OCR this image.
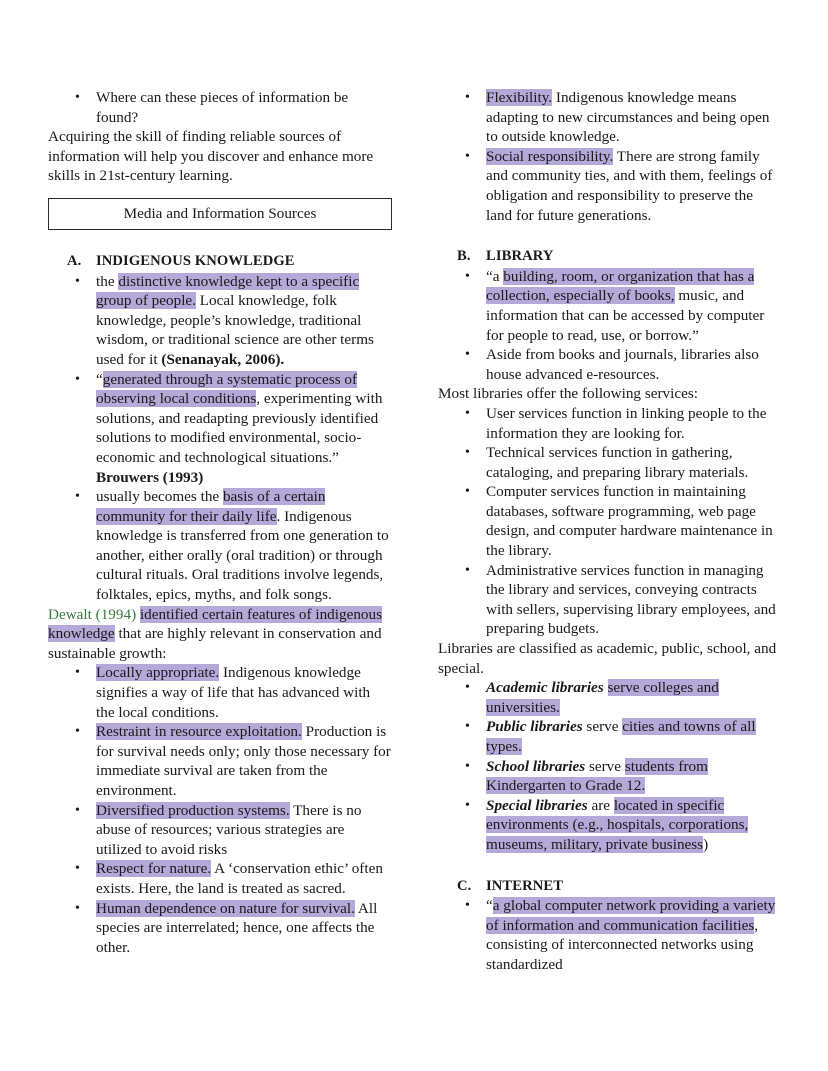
• Where can these pieces of information be
found?

Acquiring the skill of finding reliable sources of information will help you discover and enhance more skills in 21st-century learning.

Media and Information Sources
A. INDIGENOUS KNOWLEDGE
• the distinctive knowledge kept to a specific group of people. Local knowledge, folk knowledge, people’s knowledge, traditional wisdom, or traditional science are other terms used for it (Senanayak, 2006).
• “generated through a systematic process of observing local conditions, experimenting with solutions, and readapting previously identified solutions to modified environmental, socio-economic and technological situations.” Brouwers (1993)
• usually becomes the basis of a certain community for their daily life. Indigenous knowledge is transferred from one generation to another, either orally (oral tradition) or through cultural rituals. Oral traditions involve legends, folktales, epics, myths, and folk songs.

Dewalt (1994) identified certain features of indigenous knowledge that are highly relevant in conservation and sustainable growth:

• Locally appropriate. Indigenous knowledge signifies a way of life that has advanced with the local conditions.
• Restraint in resource exploitation. Production is for survival needs only; only those necessary for immediate survival are taken from the environment.
• Diversified production systems. There is no abuse of resources; various strategies are utilized to avoid risks
• Respect for nature. A ‘conservation ethic’ often exists. Here, the land is treated as sacred.
• Human dependence on nature for survival. All species are interrelated; hence, one affects the other.
• Flexibility. Indigenous knowledge means adapting to new circumstances and being open to outside knowledge.
• Social responsibility. There are strong family and community ties, and with them, feelings of obligation and responsibility to preserve the land for future generations.
B. LIBRARY
• “a building, room, or organization that has a collection, especially of books, music, and information that can be accessed by computer for people to read, use, or borrow.”
• Aside from books and journals, libraries also house advanced e-resources.

Most libraries offer the following services:

• User services function in linking people to the information they are looking for.
• Technical services function in gathering, cataloging, and preparing library materials.
• Computer services function in maintaining databases, software programming, web page design, and computer hardware maintenance in the library.
• Administrative services function in managing the library and services, conveying contracts with sellers, supervising library employees, and preparing budgets.

Libraries are classified as academic, public, school, and special.

• Academic libraries serve colleges and universities.
• Public libraries serve cities and towns of all types.
• School libraries serve students from Kindergarten to Grade 12.
• Special libraries are located in specific environments (e.g., hospitals, corporations, museums, military, private business)
C. INTERNET
• “a global computer network providing a variety of information and communication facilities, consisting of interconnected networks using standardized
